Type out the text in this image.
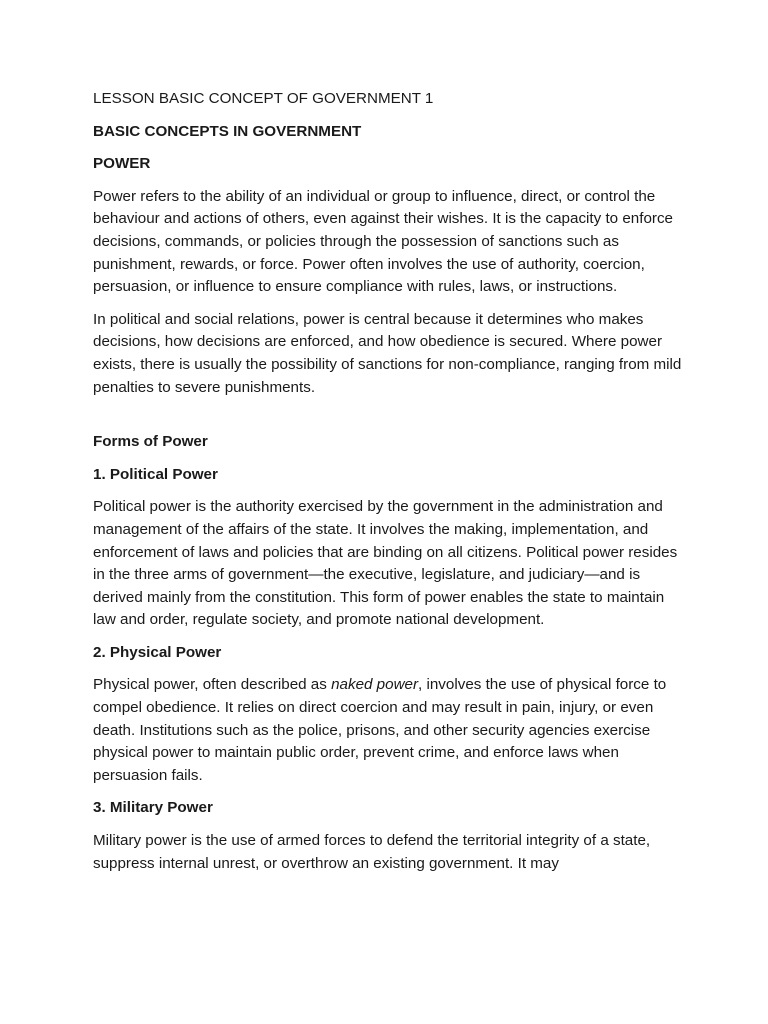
LESSON BASIC CONCEPT OF GOVERNMENT 1

BASIC CONCEPTS IN GOVERNMENT

POWER

Power refers to the ability of an individual or group to influence, direct, or control the behaviour and actions of others, even against their wishes. It is the capacity to enforce decisions, commands, or policies through the possession of sanctions such as punishment, rewards, or force. Power often involves the use of authority, coercion, persuasion, or influence to ensure compliance with rules, laws, or instructions.

In political and social relations, power is central because it determines who makes decisions, how decisions are enforced, and how obedience is secured. Where power exists, there is usually the possibility of sanctions for non-compliance, ranging from mild penalties to severe punishments.

Forms of Power

1. Political Power

Political power is the authority exercised by the government in the administration and management of the affairs of the state. It involves the making, implementation, and enforcement of laws and policies that are binding on all citizens. Political power resides in the three arms of government—the executive, legislature, and judiciary—and is derived mainly from the constitution. This form of power enables the state to maintain law and order, regulate society, and promote national development.

2. Physical Power

Physical power, often described as naked power, involves the use of physical force to compel obedience. It relies on direct coercion and may result in pain, injury, or even death. Institutions such as the police, prisons, and other security agencies exercise physical power to maintain public order, prevent crime, and enforce laws when persuasion fails.

3. Military Power

Military power is the use of armed forces to defend the territorial integrity of a state, suppress internal unrest, or overthrow an existing government. It may
